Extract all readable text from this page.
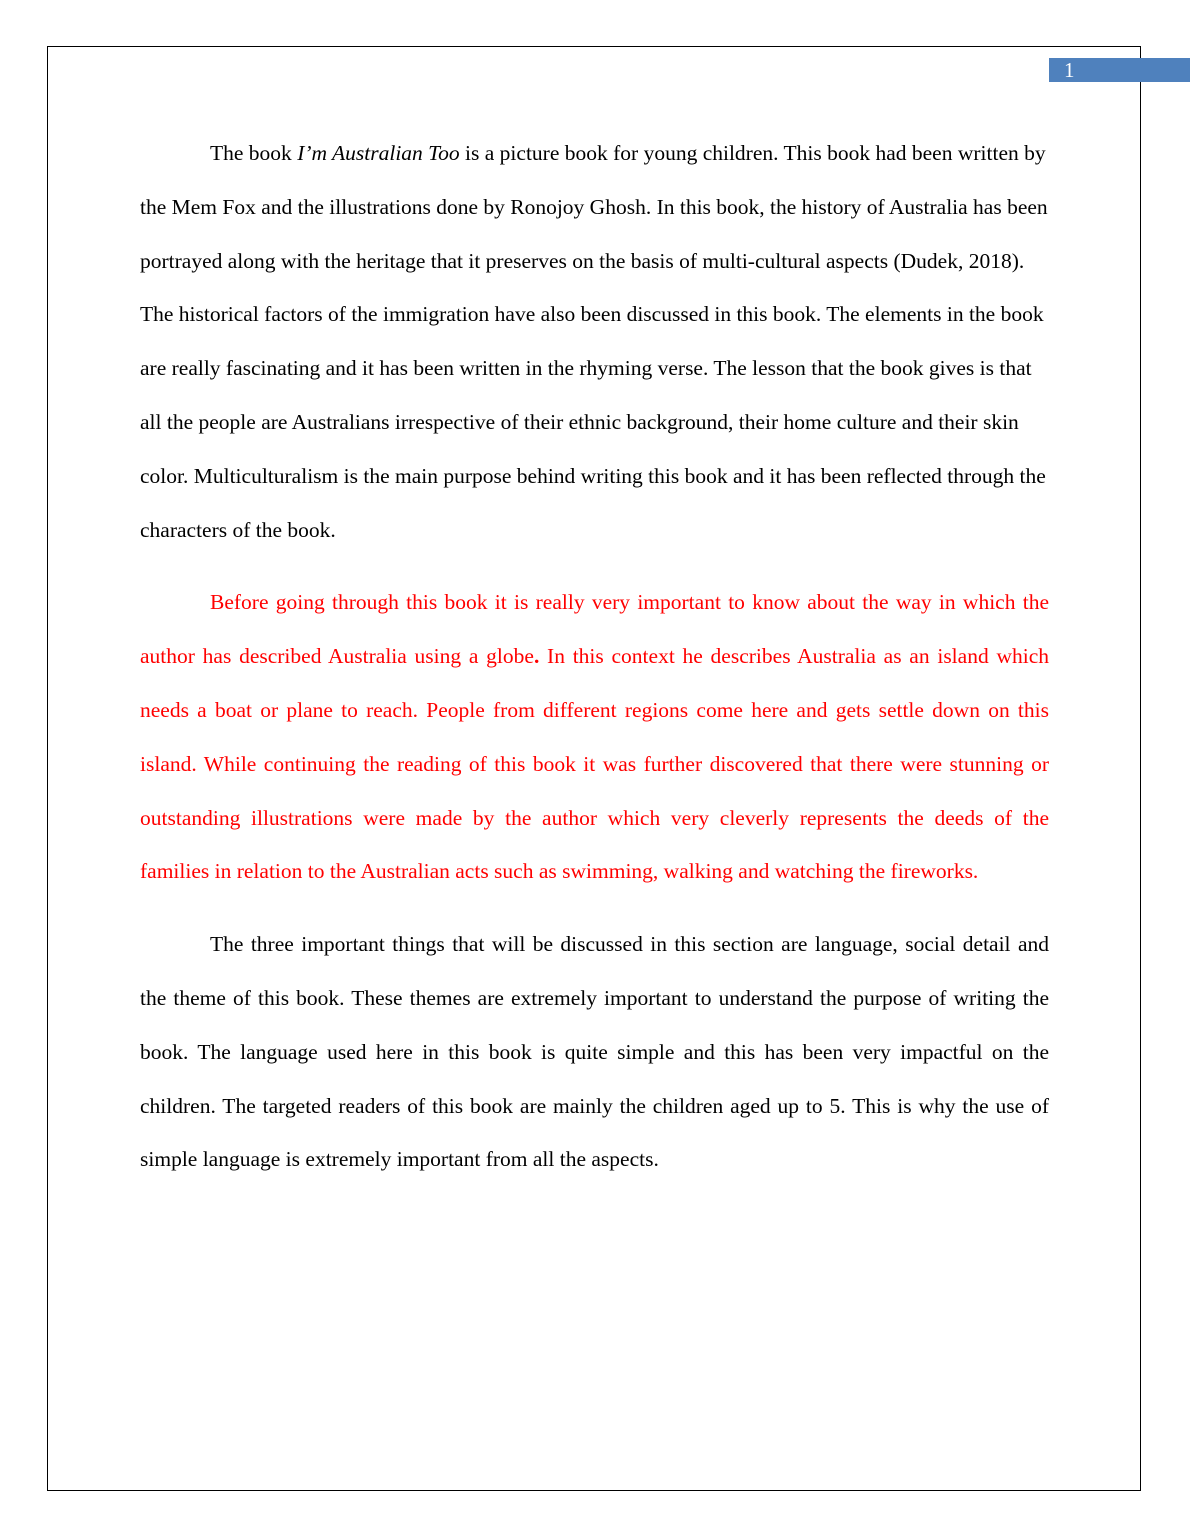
1

The book I’m Australian Too is a picture book for young children. This book had been written by the Mem Fox and the illustrations done by Ronojoy Ghosh. In this book, the history of Australia has been portrayed along with the heritage that it preserves on the basis of multi-cultural aspects (Dudek, 2018). The historical factors of the immigration have also been discussed in this book. The elements in the book are really fascinating and it has been written in the rhyming verse. The lesson that the book gives is that all the people are Australians irrespective of their ethnic background, their home culture and their skin color. Multiculturalism is the main purpose behind writing this book and it has been reflected through the characters of the book.

Before going through this book it is really very important to know about the way in which the author has described Australia using a globe. In this context he describes Australia as an island which needs a boat or plane to reach. People from different regions come here and gets settle down on this island. While continuing the reading of this book it was further discovered that there were stunning or outstanding illustrations were made by the author which very cleverly represents the deeds of the families in relation to the Australian acts such as swimming, walking and watching the fireworks.

The three important things that will be discussed in this section are language, social detail and the theme of this book. These themes are extremely important to understand the purpose of writing the book. The language used here in this book is quite simple and this has been very impactful on the children. The targeted readers of this book are mainly the children aged up to 5. This is why the use of simple language is extremely important from all the aspects.
